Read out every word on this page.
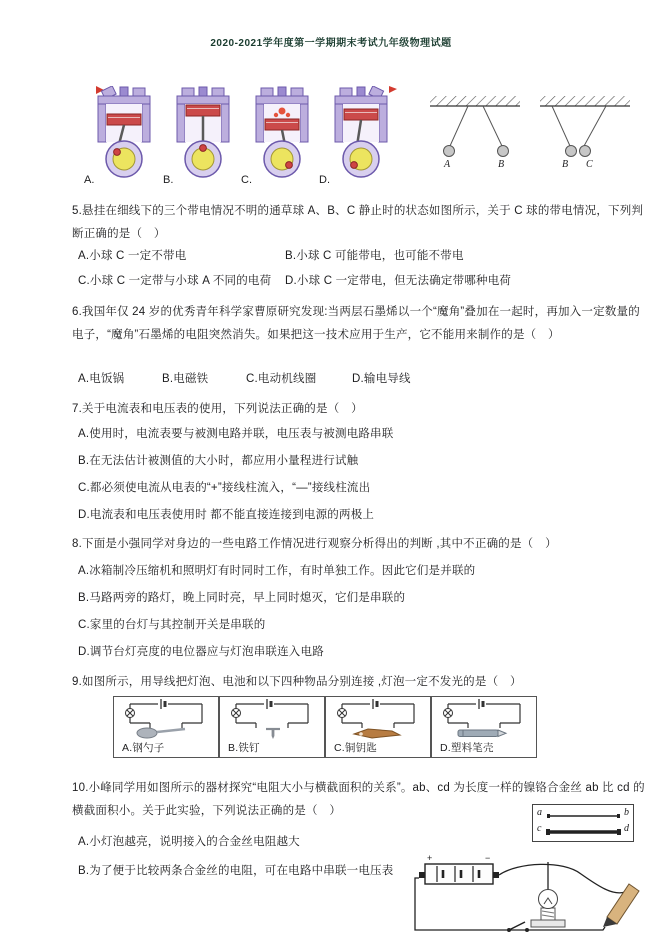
2020-2021学年度第一学期期末考试九年级物理试题
A.	B.	C.	D.
A	B	B C
5.悬挂在细线下的三个带电情况不明的通草球 A、B、C 静止时的状态如图所示，关于 C 球的带电情况，下列判断正确的是（　）
A.小球 C 一定不带电	B.小球 C 可能带电，也可能不带电
C.小球 C 一定带与小球 A 不同的电荷 D.小球 C 一定带电，但无法确定带哪种电荷
6.我国年仅 24 岁的优秀青年科学家曹原研究发现:当两层石墨烯以一个“魔角”叠加在一起时，再加入一定数量的电子，“魔角”石墨烯的电阻突然消失。如果把这一技术应用于生产，它不能用来制作的是（　）
A.电饭锅	B.电磁铁	C.电动机线圈	D.输电导线
7.关于电流表和电压表的使用，下列说法正确的是（　）
A.使用时，电流表要与被测电路并联，电压表与被测电路串联
B.在无法估计被测值的大小时，都应用小量程进行试触
C.都必须使电流从电表的“+”接线柱流入，“—”接线柱流出
D.电流表和电压表使用时 都不能直接连接到电源的两极上
8.下面是小强同学对身边的一些电路工作情况进行观察分析得出的判断 ,其中不正确的是（　）
A.冰箱制冷压缩机和照明灯有时同时工作，有时单独工作。因此它们是并联的
B.马路两旁的路灯，晚上同时亮，早上同时熄灭，它们是串联的
C.家里的台灯与其控制开关是串联的
D.调节台灯亮度的电位器应与灯泡串联连入电路
9.如图所示，用导线把灯泡、电池和以下四种物品分别连接 ,灯泡一定不发光的是（　）
A.钢勺子	B.铁钉	C.铜钥匙	D.塑料笔壳
10.小峰同学用如图所示的器材探究“电阻大小与横截面积的关系”。ab、cd 为长度一样的镍铬合金丝 ab 比 cd 的横截面积小。关于此实验，下列说法正确的是（　）
A.小灯泡越亮，说明接入的合金丝电阻越大
B.为了便于比较两条合金丝的电阻，可在电路中串联一电压表
a	b
c	d
+	−
